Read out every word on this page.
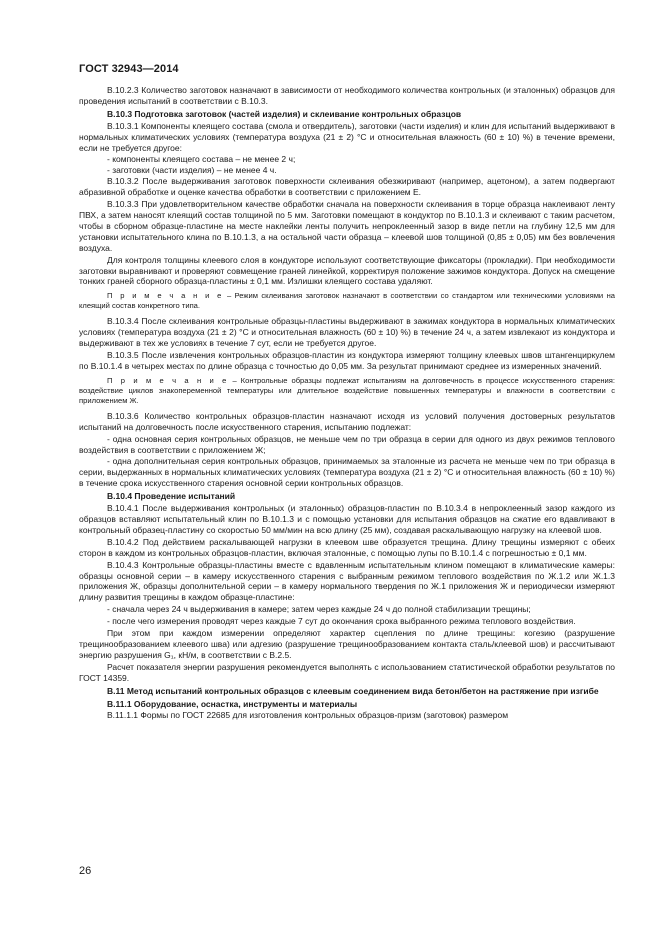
ГОСТ 32943—2014
В.10.2.3 Количество заготовок назначают в зависимости от необходимого количества контрольных (и эталонных) образцов для проведения испытаний в соответствии с В.10.3.
В.10.3 Подготовка заготовок (частей изделия) и склеивание контрольных образцов
В.10.3.1 Компоненты клеящего состава (смола и отвердитель), заготовки (части изделия) и клин для испытаний выдерживают в нормальных климатических условиях (температура воздуха (21 ± 2) °С и относительная влажность (60 ± 10) %) в течение времени, если не требуется другое:
- компоненты клеящего состава – не менее 2 ч;
- заготовки (части изделия) – не менее 4 ч.
В.10.3.2 После выдерживания заготовок поверхности склеивания обезжиривают (например, ацетоном), а затем подвергают абразивной обработке и оценке качества обработки в соответствии с приложением Е.
В.10.3.3 При удовлетворительном качестве обработки сначала на поверхности склеивания в торце образца наклеивают ленту ПВХ, а затем наносят клеящий состав толщиной по 5 мм. Заготовки помещают в кондуктор по В.10.1.3 и склеивают с таким расчетом, чтобы в сборном образце-пластине на месте наклейки ленты получить непроклеенный зазор в виде петли на глубину 12,5 мм для установки испытательного клина по В.10.1.3, а на остальной части образца – клеевой шов толщиной (0,85 ± 0,05) мм без вовлечения воздуха.
Для контроля толщины клеевого слоя в кондукторе используют соответствующие фиксаторы (прокладки). При необходимости заготовки выравнивают и проверяют совмещение граней линейкой, корректируя положение зажимов кондуктора. Допуск на смещение тонких граней сборного образца-пластины ± 0,1 мм. Излишки клеящего состава удаляют.
П р и м е ч а н и е – Режим склеивания заготовок назначают в соответствии со стандартом или техническими условиями на клеящий состав конкретного типа.
В.10.3.4 После склеивания контрольные образцы-пластины выдерживают в зажимах кондуктора в нормальных климатических условиях (температура воздуха (21 ± 2) °С и относительная влажность (60 ± 10) %) в течение 24 ч, а затем извлекают из кондуктора и выдерживают в тех же условиях в течение 7 сут, если не требуется другое.
В.10.3.5 После извлечения контрольных образцов-пластин из кондуктора измеряют толщину клеевых швов штангенциркулем по В.10.1.4 в четырех местах по длине образца с точностью до 0,05 мм. За результат принимают среднее из измеренных значений.
П р и м е ч а н и е – Контрольные образцы подлежат испытаниям на долговечность в процессе искусственного старения: воздействие циклов знакопеременной температуры или длительное воздействие повышенных температуры и влажности в соответствии с приложением Ж.
В.10.3.6 Количество контрольных образцов-пластин назначают исходя из условий получения достоверных результатов испытаний на долговечность после искусственного старения, испытанию подлежат:
- одна основная серия контрольных образцов, не меньше чем по три образца в серии для одного из двух режимов теплового воздействия в соответствии с приложением Ж;
- одна дополнительная серия контрольных образцов, принимаемых за эталонные из расчета не меньше чем по три образца в серии, выдержанных в нормальных климатических условиях (температура воздуха (21 ± 2) °С и относительная влажность (60 ± 10) %) в течение срока искусственного старения основной серии контрольных образцов.
В.10.4 Проведение испытаний
В.10.4.1 После выдерживания контрольных (и эталонных) образцов-пластин по В.10.3.4 в непроклеенный зазор каждого из образцов вставляют испытательный клин по В.10.1.3 и с помощью установки для испытания образцов на сжатие его вдавливают в контрольный образец-пластину со скоростью 50 мм/мин на всю длину (25 мм), создавая раскалывающую нагрузку на клеевой шов.
В.10.4.2 Под действием раскалывающей нагрузки в клеевом шве образуется трещина. Длину трещины измеряют с обеих сторон в каждом из контрольных образцов-пластин, включая эталонные, с помощью лупы по В.10.1.4 с погрешностью ± 0,1 мм.
В.10.4.3 Контрольные образцы-пластины вместе с вдавленным испытательным клином помещают в климатические камеры: образцы основной серии – в камеру искусственного старения с выбранным режимом теплового воздействия по Ж.1.2 или Ж.1.3 приложения Ж, образцы дополнительной серии – в камеру нормального твердения по Ж.1 приложения Ж и периодически измеряют длину развития трещины в каждом образце-пластине:
- сначала через 24 ч выдерживания в камере; затем через каждые 24 ч до полной стабилизации трещины;
- после чего измерения проводят через каждые 7 сут до окончания срока выбранного режима теплового воздействия.
При этом при каждом измерении определяют характер сцепления по длине трещины: когезию (разрушение трещинообразованием клеевого шва) или адгезию (разрушение трещинообразованием контакта сталь/клеевой шов) и рассчитывают энергию разрушения G₁, кН/м, в соответствии с В.2.5.
Расчет показателя энергии разрушения рекомендуется выполнять с использованием статистической обработки результатов по ГОСТ 14359.
В.11 Метод испытаний контрольных образцов с клеевым соединением вида бетон/бетон на растяжение при изгибе
В.11.1 Оборудование, оснастка, инструменты и материалы
В.11.1.1 Формы по ГОСТ 22685 для изготовления контрольных образцов-призм (заготовок) размером
26
